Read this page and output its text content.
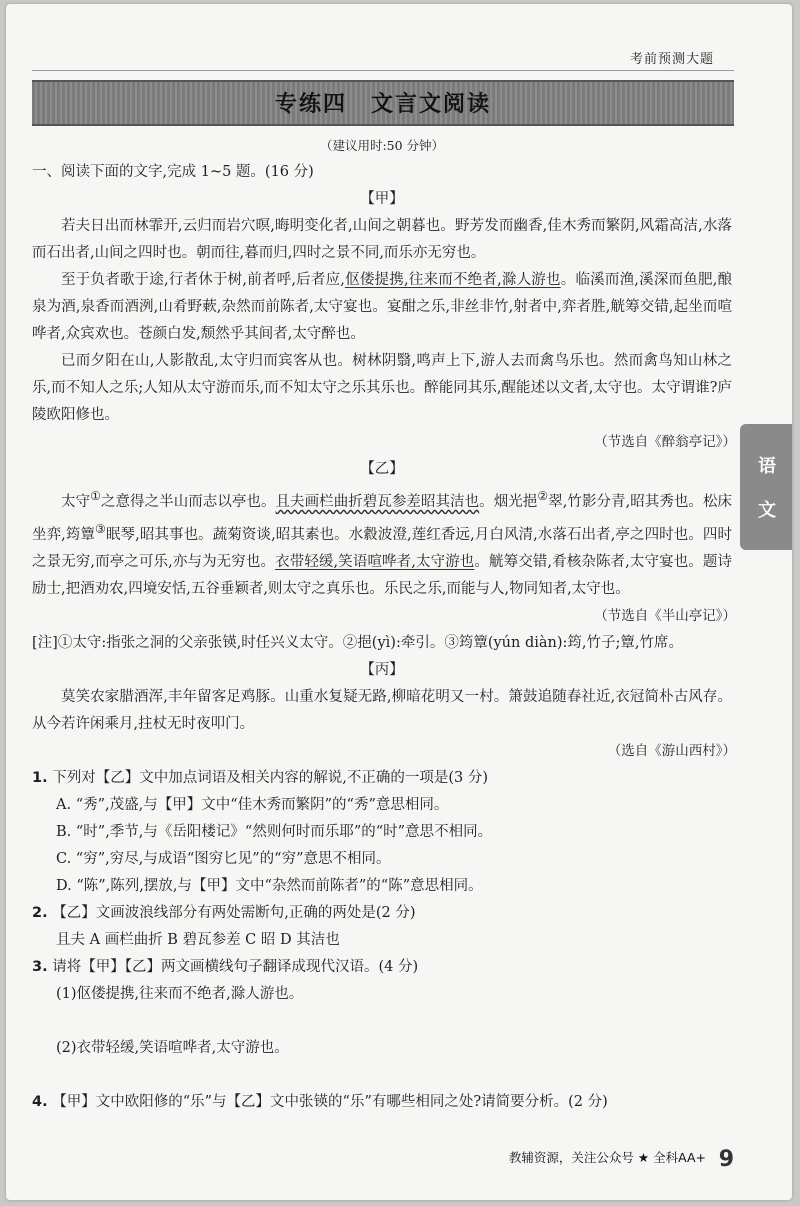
考前预测大题
专练四　文言文阅读
语
文

（建议用时:50 分钟）

一、阅读下面的文字,完成 1~5 题。(16 分)

【甲】

若夫日出而林霏开,云归而岩穴暝,晦明变化者,山间之朝暮也。野芳发而幽香,佳木秀而繁阴,风霜高洁,水落而石出者,山间之四时也。朝而往,暮而归,四时之景不同,而乐亦无穷也。

至于负者歌于途,行者休于树,前者呼,后者应,伛偻提携,往来而不绝者,滁人游也。临溪而渔,溪深而鱼肥,酿泉为酒,泉香而酒洌,山肴野蔌,杂然而前陈者,太守宴也。宴酣之乐,非丝非竹,射者中,弈者胜,觥筹交错,起坐而喧哗者,众宾欢也。苍颜白发,颓然乎其间者,太守醉也。

已而夕阳在山,人影散乱,太守归而宾客从也。树林阴翳,鸣声上下,游人去而禽鸟乐也。然而禽鸟知山林之乐,而不知人之乐;人知从太守游而乐,而不知太守之乐其乐也。醉能同其乐,醒能述以文者,太守也。太守谓谁?庐陵欧阳修也。

（节选自《醉翁亭记》）

【乙】

太守①之意得之半山而志以亭也。且夫画栏曲折碧瓦参差昭其洁也。烟光挹②翠,竹影分青,昭其秀也。松床坐弈,筠簟③眠琴,昭其事也。蔬菊资谈,昭其素也。水縠波澄,莲红香远,月白风清,水落石出者,亭之四时也。四时之景无穷,而亭之可乐,亦与为无穷也。衣带轻缓,笑语喧哗者,太守游也。觥筹交错,肴核杂陈者,太守宴也。题诗励士,把酒劝农,四境安恬,五谷垂颖者,则太守之真乐也。乐民之乐,而能与人,物同知者,太守也。

（节选自《半山亭记》）

[注]①太守:指张之洞的父亲张锳,时任兴义太守。②挹(yì):牵引。③筠簟(yún diàn):筠,竹子;簟,竹席。

【丙】

莫笑农家腊酒浑,丰年留客足鸡豚。山重水复疑无路,柳暗花明又一村。箫鼓追随春社近,衣冠简朴古风存。从今若许闲乘月,拄杖无时夜叩门。

（选自《游山西村》）

1. 下列对【乙】文中加点词语及相关内容的解说,不正确的一项是(3 分)

A. “秀”,茂盛,与【甲】文中“佳木秀而繁阴”的“秀”意思相同。

B. “时”,季节,与《岳阳楼记》“然则何时而乐耶”的“时”意思不相同。

C. “穷”,穷尽,与成语“图穷匕见”的“穷”意思不相同。

D. “陈”,陈列,摆放,与【甲】文中“杂然而前陈者”的“陈”意思相同。

2. 【乙】文画波浪线部分有两处需断句,正确的两处是(2 分)

且夫 A 画栏曲折 B 碧瓦参差 C 昭 D 其洁也

3. 请将【甲】【乙】两文画横线句子翻译成现代汉语。(4 分)

(1)伛偻提携,往来而不绝者,滁人游也。

(2)衣带轻缓,笑语喧哗者,太守游也。

4. 【甲】文中欧阳修的“乐”与【乙】文中张锳的“乐”有哪些相同之处?请简要分析。(2 分)

教辅资源，关注公众号 ★ 全科AA+ 9
